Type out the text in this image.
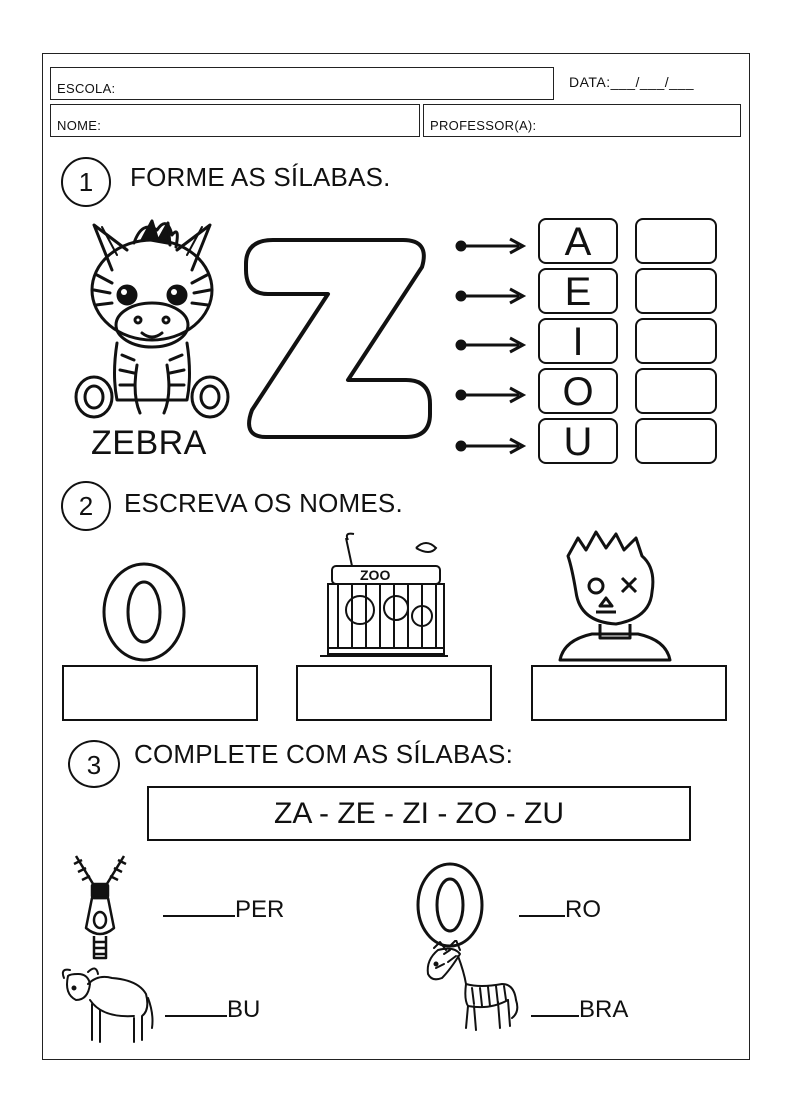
ESCOLA:	DATA:___/___/___
NOME:	PROFESSOR(A):
1	FORME AS SÍLABAS.
ZEBRA
A
E
I
O
U
2	ESCREVA OS NOMES.
ZOO
3	COMPLETE COM AS SÍLABAS:
ZA - ZE - ZI - ZO - ZU
PER	RO
BU	BRA
